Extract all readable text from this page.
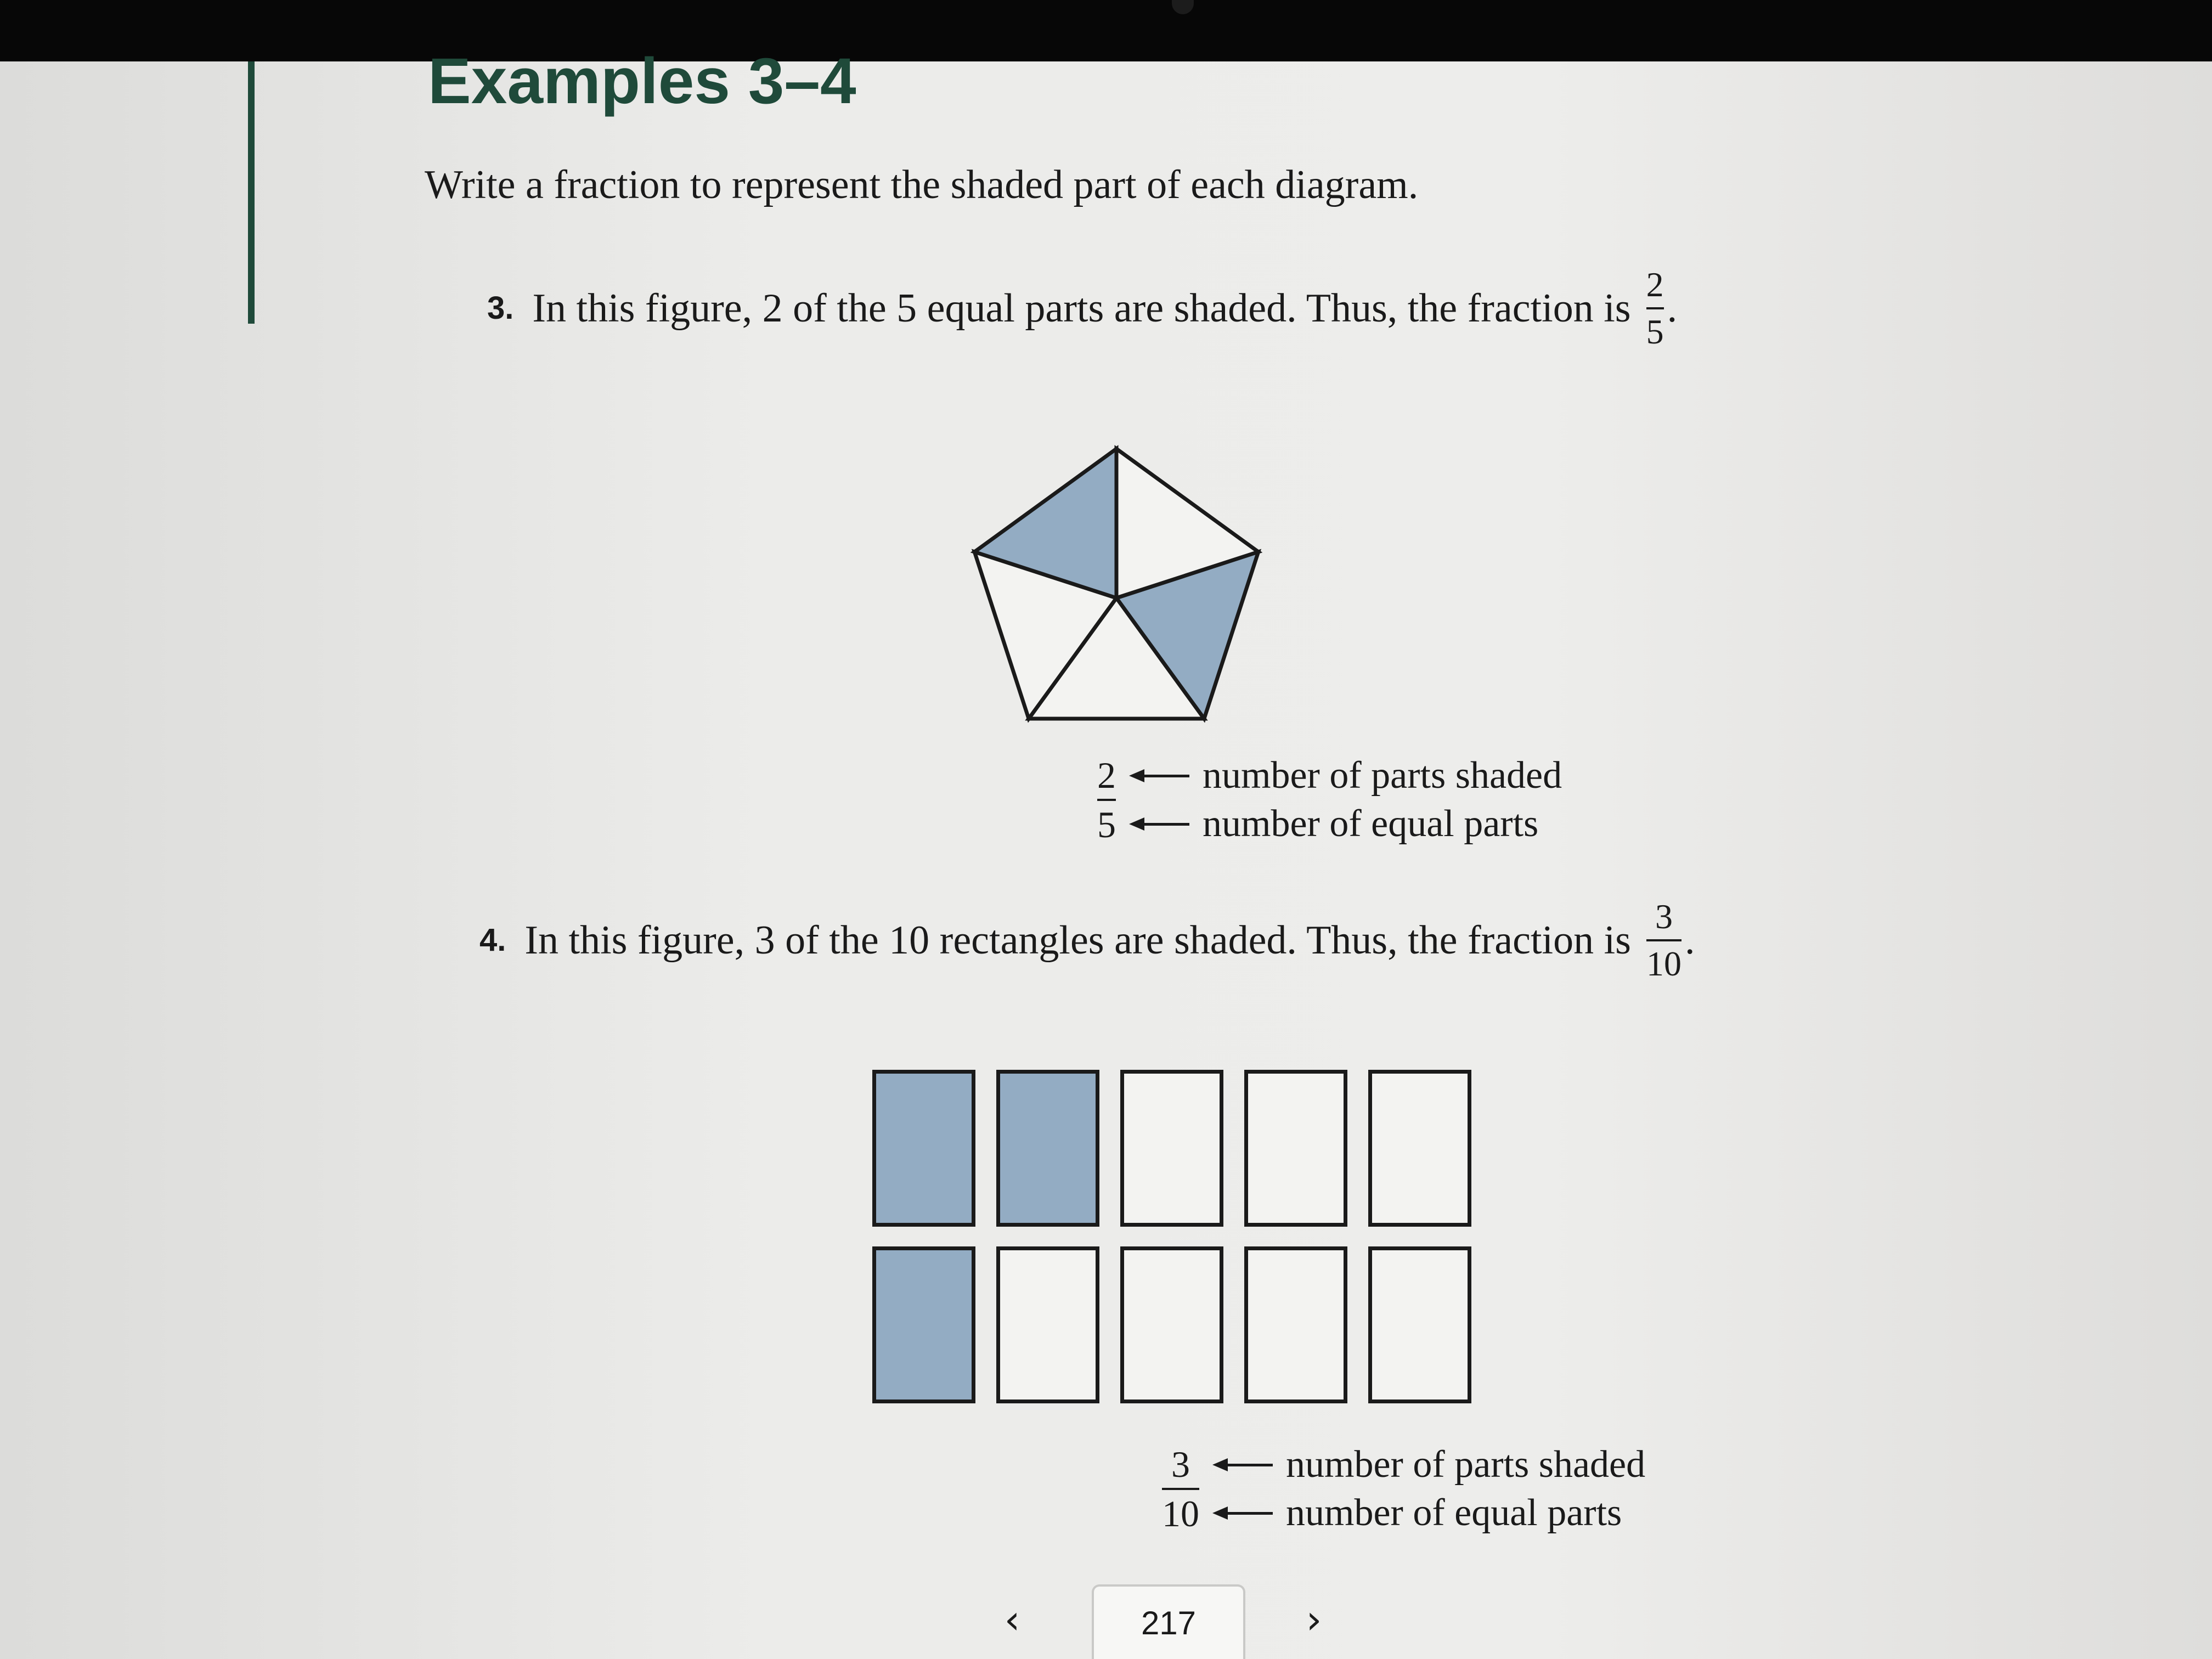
Examples 3–4
Write a fraction to represent the shaded part of each diagram.
3. In this figure, 2 of the 5 equal parts are shaded. Thus, the fraction is $\frac{2}{5}$ .
2
5
number of parts shaded
number of equal parts
4. In this figure, 3 of the 10 rectangles are shaded. Thus, the fraction is $\frac{3}{10}$ .
3
10
number of parts shaded
number of equal parts
‹	217	›
